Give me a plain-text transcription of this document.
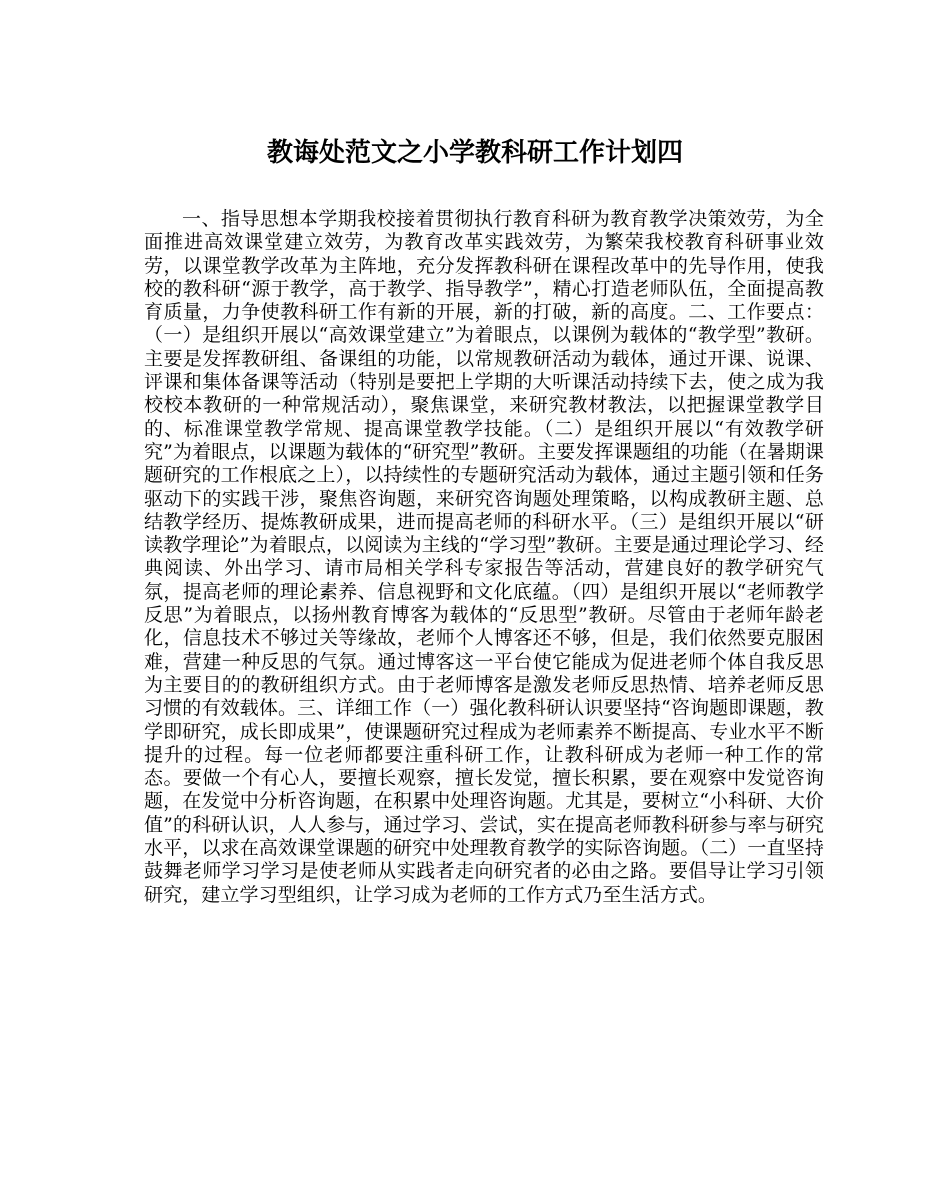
教诲处范文之小学教科研工作计划四

一、指导思想本学期我校接着贯彻执行教育科研为教育教学决策效劳，为全面推进高效课堂建立效劳，为教育改革实践效劳，为繁荣我校教育科研事业效劳，以课堂教学改革为主阵地，充分发挥教科研在课程改革中的先导作用，使我校的教科研“源于教学，高于教学、指导教学”，精心打造老师队伍，全面提高教育质量，力争使教科研工作有新的开展，新的打破，新的高度。二、工作要点：（一）是组织开展以“高效课堂建立”为着眼点，以课例为载体的“教学型”教研。主要是发挥教研组、备课组的功能，以常规教研活动为载体，通过开课、说课、评课和集体备课等活动（特别是要把上学期的大听课活动持续下去，使之成为我校校本教研的一种常规活动），聚焦课堂，来研究教材教法，以把握课堂教学目的、标准课堂教学常规、提高课堂教学技能。（二）是组织开展以“有效教学研究”为着眼点，以课题为载体的“研究型”教研。主要发挥课题组的功能（在暑期课题研究的工作根底之上），以持续性的专题研究活动为载体，通过主题引领和任务驱动下的实践干涉，聚焦咨询题，来研究咨询题处理策略，以构成教研主题、总结教学经历、提炼教研成果，进而提高老师的科研水平。（三）是组织开展以“研读教学理论”为着眼点，以阅读为主线的“学习型”教研。主要是通过理论学习、经典阅读、外出学习、请市局相关学科专家报告等活动，营建良好的教学研究气氛，提高老师的理论素养、信息视野和文化底蕴。（四）是组织开展以“老师教学反思”为着眼点，以扬州教育博客为载体的“反思型”教研。尽管由于老师年龄老化，信息技术不够过关等缘故，老师个人博客还不够，但是，我们依然要克服困难，营建一种反思的气氛。通过博客这一平台使它能成为促进老师个体自我反思为主要目的的教研组织方式。由于老师博客是激发老师反思热情、培养老师反思习惯的有效载体。三、详细工作（一）强化教科研认识要坚持“咨询题即课题，教学即研究，成长即成果”，使课题研究过程成为老师素养不断提高、专业水平不断提升的过程。每一位老师都要注重科研工作，让教科研成为老师一种工作的常态。要做一个有心人，要擅长观察，擅长发觉，擅长积累，要在观察中发觉咨询题，在发觉中分析咨询题，在积累中处理咨询题。尤其是，要树立“小科研、大价值”的科研认识，人人参与，通过学习、尝试，实在提高老师教科研参与率与研究水平，以求在高效课堂课题的研究中处理教育教学的实际咨询题。（二）一直坚持鼓舞老师学习学习是使老师从实践者走向研究者的必由之路。要倡导让学习引领研究，建立学习型组织，让学习成为老师的工作方式乃至生活方式。
